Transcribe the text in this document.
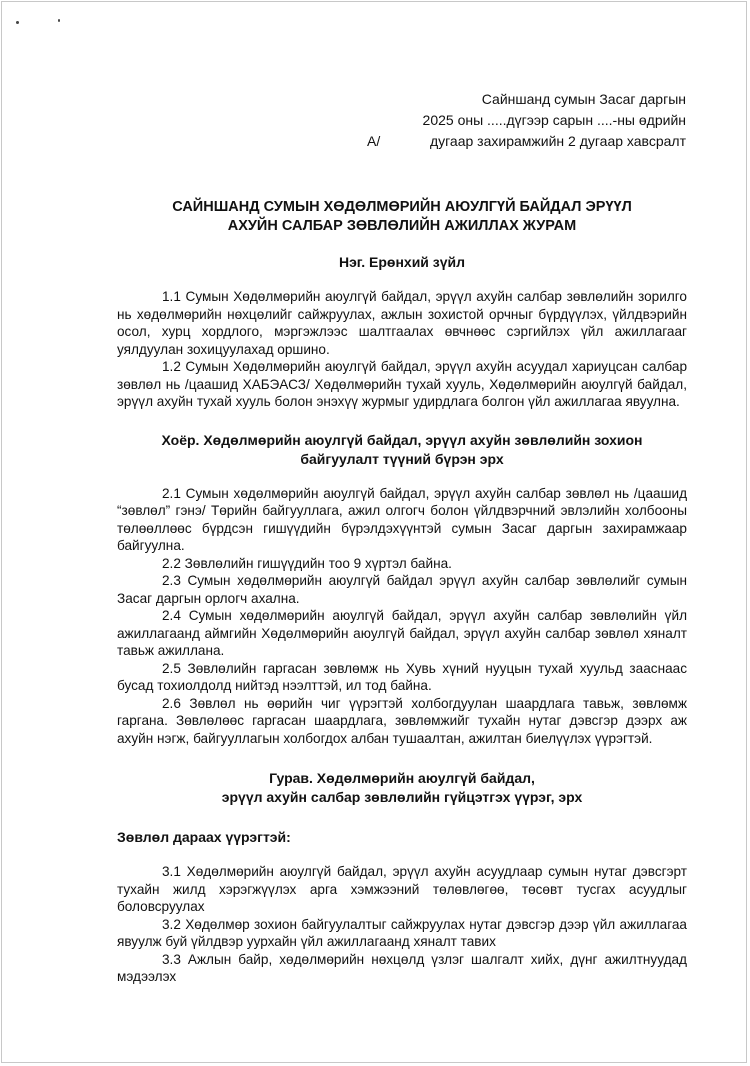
Сайншанд сумын Засаг даргын
2025 оны .....дүгээр сарын ....-ны өдрийн
А/	дугаар захирамжийн 2 дугаар хавсралт
САЙНШАНД СУМЫН ХӨДӨЛМӨРИЙН АЮУЛГҮЙ БАЙДАЛ ЭРҮҮЛ
АХУЙН САЛБАР ЗӨВЛӨЛИЙН АЖИЛЛАХ ЖУРАМ
Нэг. Ерөнхий зүйл

1.1 Сумын Хөдөлмөрийн аюулгүй байдал, эрүүл ахуйн салбар зөвлөлийн зорилго нь хөдөлмөрийн нөхцөлийг сайжруулах, ажлын зохистой орчныг бүрдүүлэх, үйлдвэрийн осол, хурц хордлого, мэргэжлээс шалтгаалах өвчнөөс сэргийлэх үйл ажиллагааг уялдуулан зохицуулахад оршино.

1.2 Сумын Хөдөлмөрийн аюулгүй байдал, эрүүл ахуйн асуудал хариуцсан салбар зөвлөл нь /цаашид ХАБЭАСЗ/ Хөдөлмөрийн тухай хууль, Хөдөлмөрийн аюулгүй байдал, эрүүл ахуйн тухай хууль болон энэхүү журмыг удирдлага болгон үйл ажиллагаа явуулна.

Хоёр. Хөдөлмөрийн аюулгүй байдал, эрүүл ахуйн зөвлөлийн зохион
байгуулалт түүний бүрэн эрх

2.1 Сумын хөдөлмөрийн аюулгүй байдал, эрүүл ахуйн салбар зөвлөл нь /цаашид “зөвлөл” гэнэ/ Төрийн байгууллага, ажил олгогч болон үйлдвэрчний эвлэлийн холбооны төлөөллөөс бүрдсэн гишүүдийн бүрэлдэхүүнтэй сумын Засаг даргын захирамжаар байгуулна.

2.2 Зөвлөлийн гишүүдийн тоо 9 хүртэл байна.

2.3 Сумын хөдөлмөрийн аюулгүй байдал эрүүл ахуйн салбар зөвлөлийг сумын Засаг даргын орлогч ахална.

2.4 Сумын хөдөлмөрийн аюулгүй байдал, эрүүл ахуйн салбар зөвлөлийн үйл ажиллагаанд аймгийн Хөдөлмөрийн аюулгүй байдал, эрүүл ахуйн салбар зөвлөл хяналт тавьж ажиллана.

2.5 Зөвлөлийн гаргасан зөвлөмж нь Хувь хүний нууцын тухай хуульд зааснаас бусад тохиолдолд нийтэд нээлттэй, ил тод байна.

2.6 Зөвлөл нь өөрийн чиг үүрэгтэй холбогдуулан шаардлага тавьж, зөвлөмж гаргана. Зөвлөлөөс гаргасан шаардлага, зөвлөмжийг тухайн нутаг дэвсгэр дээрх аж ахуйн нэгж, байгууллагын холбогдох албан тушаалтан, ажилтан биелүүлэх үүрэгтэй.

Гурав. Хөдөлмөрийн аюулгүй байдал,
эрүүл ахуйн салбар зөвлөлийн гүйцэтгэх үүрэг, эрх
Зөвлөл дараах үүрэгтэй:

3.1 Хөдөлмөрийн аюулгүй байдал, эрүүл ахуйн асуудлаар сумын нутаг дэвсгэрт тухайн жилд хэрэгжүүлэх арга хэмжээний төлөвлөгөө, төсөвт тусгах асуудлыг боловсруулах

3.2 Хөдөлмөр зохион байгуулалтыг сайжруулах нутаг дэвсгэр дээр үйл ажиллагаа явуулж буй үйлдвэр уурхайн үйл ажиллагаанд хяналт тавих

3.3 Ажлын байр, хөдөлмөрийн нөхцөлд үзлэг шалгалт хийх, дүнг ажилтнуудад мэдээлэх
